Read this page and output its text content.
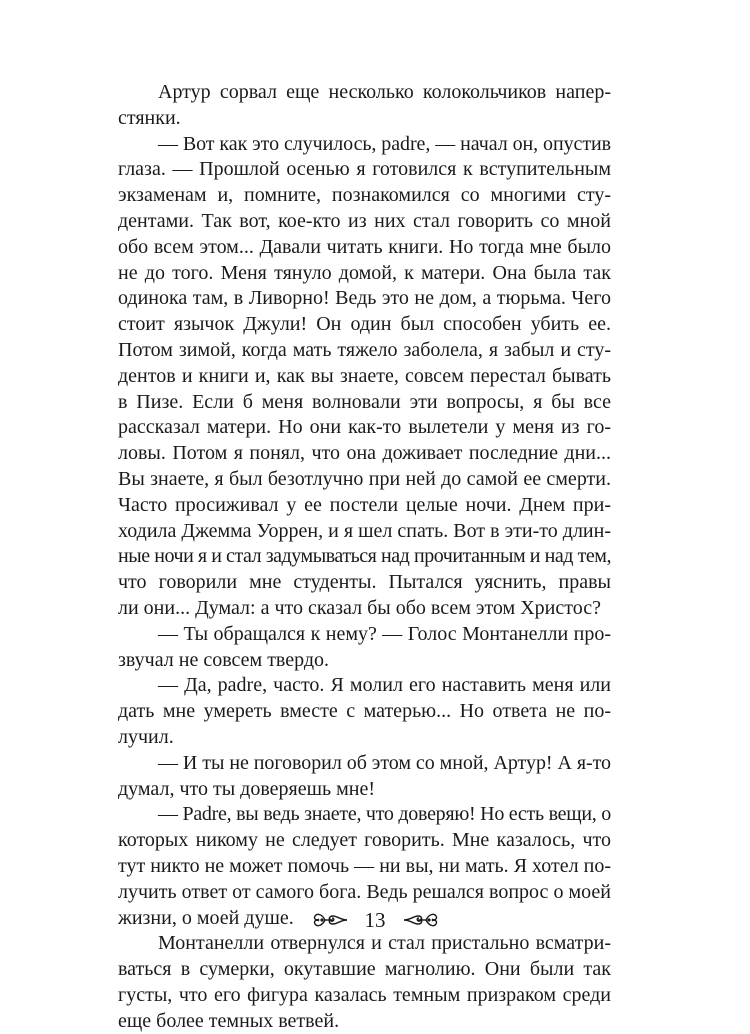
Артур сорвал еще несколько колокольчиков напер-
стянки.
— Вот как это случилось, padre, — начал он, опустив
глаза. — Прошлой осенью я готовился к вступительным
экзаменам и, помните, познакомился со многими сту-
дентами. Так вот, кое-кто из них стал говорить со мной
обо всем этом... Давали читать книги. Но тогда мне было
не до того. Меня тянуло домой, к матери. Она была так
одинока там, в Ливорно! Ведь это не дом, а тюрьма. Чего
стоит язычок Джули! Он один был способен убить ее.
Потом зимой, когда мать тяжело заболела, я забыл и сту-
дентов и книги и, как вы знаете, совсем перестал бывать
в Пизе. Если б меня волновали эти вопросы, я бы все
рассказал матери. Но они как-то вылетели у меня из го-
ловы. Потом я понял, что она доживает последние дни...
Вы знаете, я был безотлучно при ней до самой ее смерти.
Часто просиживал у ее постели целые ночи. Днем при-
ходила Джемма Уоррен, и я шел спать. Вот в эти-то длин-
ные ночи я и стал задумываться над прочитанным и над тем,
что говорили мне студенты. Пытался уяснить, правы
ли они... Думал: а что сказал бы обо всем этом Христос?
— Ты обращался к нему? — Голос Монтанелли про-
звучал не совсем твердо.
— Да, padre, часто. Я молил его наставить меня или
дать мне умереть вместе с матерью... Но ответа не по-
лучил.
— И ты не поговорил об этом со мной, Артур! А я-то
думал, что ты доверяешь мне!
— Padre, вы ведь знаете, что доверяю! Но есть вещи, о
которых никому не следует говорить. Мне казалось, что
тут никто не может помочь — ни вы, ни мать. Я хотел по-
лучить ответ от самого бога. Ведь решался вопрос о моей
жизни, о моей душе.
Монтанелли отвернулся и стал пристально всматри-
ваться в сумерки, окутавшие магнолию. Они были так
густы, что его фигура казалась темным призраком среди
еще более темных ветвей.
13
